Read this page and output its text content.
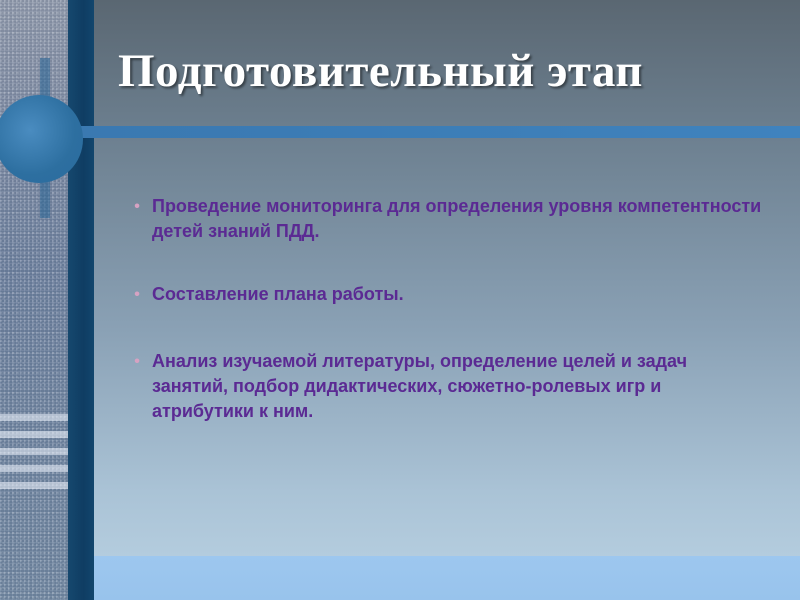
Подготовительный этап
• Проведение мониторинга для определения уровня компетентности детей знаний ПДД.
• Составление плана работы.
• Анализ изучаемой литературы, определение целей и задач занятий, подбор дидактических, сюжетно-ролевых игр и атрибутики к ним.
